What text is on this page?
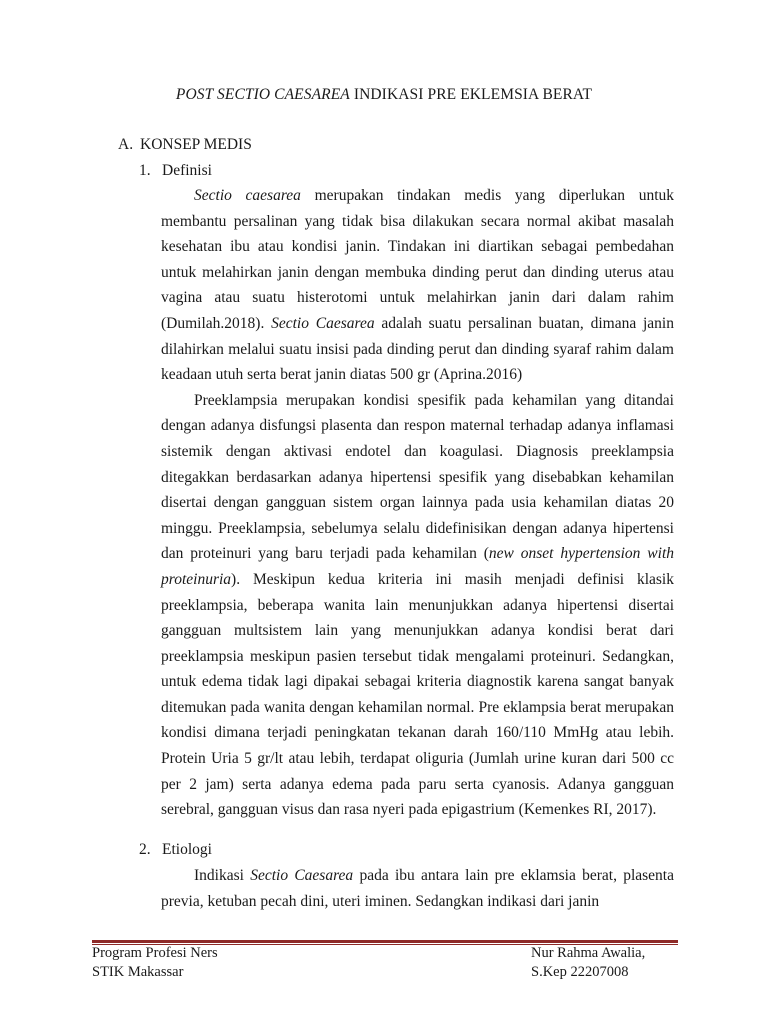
POST SECTIO CAESAREA INDIKASI PRE EKLEMSIA BERAT
A. KONSEP MEDIS
1. Definisi

Sectio caesarea merupakan tindakan medis yang diperlukan untuk membantu persalinan yang tidak bisa dilakukan secara normal akibat masalah kesehatan ibu atau kondisi janin. Tindakan ini diartikan sebagai pembedahan untuk melahirkan janin dengan membuka dinding perut dan dinding uterus atau vagina atau suatu histerotomi untuk melahirkan janin dari dalam rahim (Dumilah.2018). Sectio Caesarea adalah suatu persalinan buatan, dimana janin dilahirkan melalui suatu insisi pada dinding perut dan dinding syaraf rahim dalam keadaan utuh serta berat janin diatas 500 gr (Aprina.2016)

Preeklampsia merupakan kondisi spesifik pada kehamilan yang ditandai dengan adanya disfungsi plasenta dan respon maternal terhadap adanya inflamasi sistemik dengan aktivasi endotel dan koagulasi. Diagnosis preeklampsia ditegakkan berdasarkan adanya hipertensi spesifik yang disebabkan kehamilan disertai dengan gangguan sistem organ lainnya pada usia kehamilan diatas 20 minggu. Preeklampsia, sebelumya selalu didefinisikan dengan adanya hipertensi dan proteinuri yang baru terjadi pada kehamilan (new onset hypertension with proteinuria). Meskipun kedua kriteria ini masih menjadi definisi klasik preeklampsia, beberapa wanita lain menunjukkan adanya hipertensi disertai gangguan multsistem lain yang menunjukkan adanya kondisi berat dari preeklampsia meskipun pasien tersebut tidak mengalami proteinuri. Sedangkan, untuk edema tidak lagi dipakai sebagai kriteria diagnostik karena sangat banyak ditemukan pada wanita dengan kehamilan normal. Pre eklampsia berat merupakan kondisi dimana terjadi peningkatan tekanan darah 160/110 MmHg atau lebih. Protein Uria 5 gr/lt atau lebih, terdapat oliguria (Jumlah urine kuran dari 500 cc per 2 jam) serta adanya edema pada paru serta cyanosis. Adanya gangguan serebral, gangguan visus dan rasa nyeri pada epigastrium (Kemenkes RI, 2017).

2. Etiologi

Indikasi Sectio Caesarea pada ibu antara lain pre eklamsia berat, plasenta previa, ketuban pecah dini, uteri iminen. Sedangkan indikasi dari janin

Program Profesi Ners
STIK Makassar
Nur Rahma Awalia,
S.Kep 22207008
